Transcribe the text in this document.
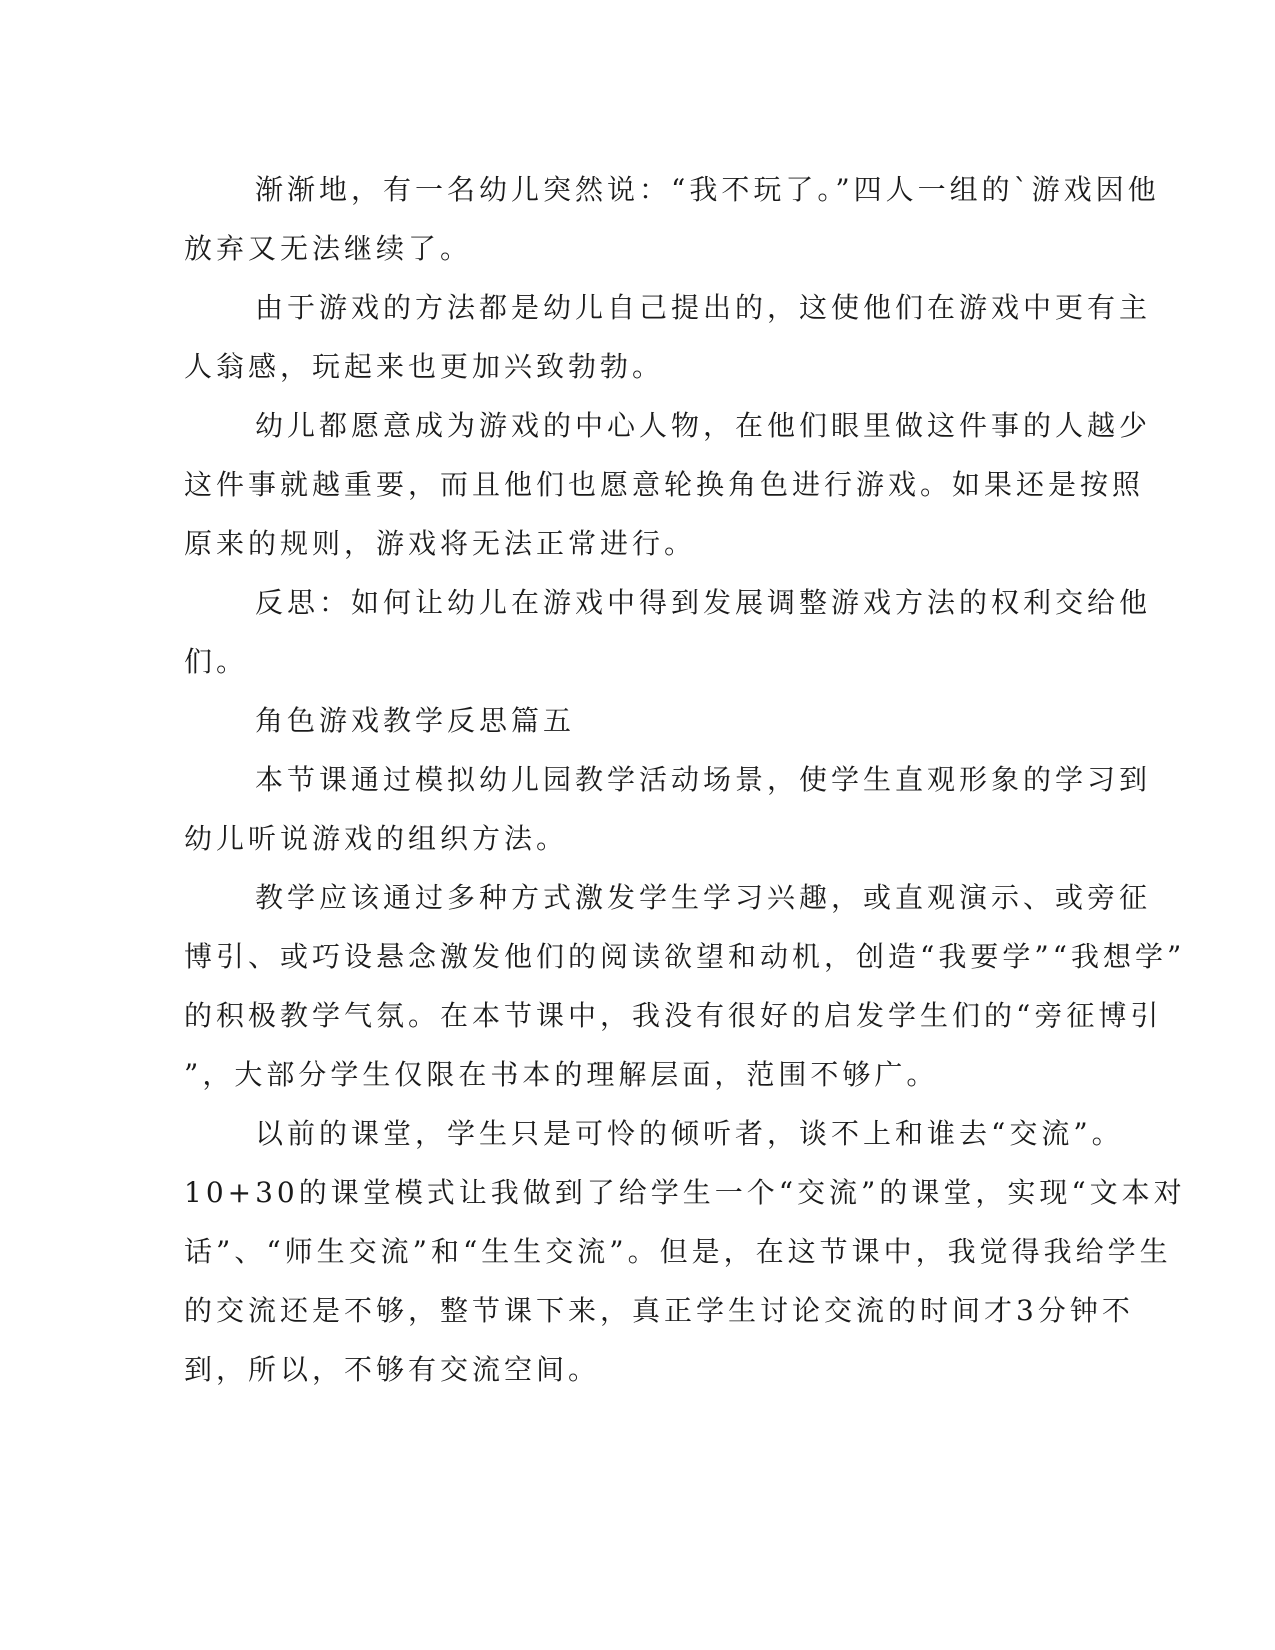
渐渐地，有一名幼儿突然说：“我不玩了。”四人一组的`游戏因他
放弃又无法继续了。
由于游戏的方法都是幼儿自己提出的，这使他们在游戏中更有主
人翁感，玩起来也更加兴致勃勃。
幼儿都愿意成为游戏的中心人物，在他们眼里做这件事的人越少
这件事就越重要，而且他们也愿意轮换角色进行游戏。如果还是按照
原来的规则，游戏将无法正常进行。
反思：如何让幼儿在游戏中得到发展调整游戏方法的权利交给他
们。
角色游戏教学反思篇五
本节课通过模拟幼儿园教学活动场景，使学生直观形象的学习到
幼儿听说游戏的组织方法。
教学应该通过多种方式激发学生学习兴趣，或直观演示、或旁征
博引、或巧设悬念激发他们的阅读欲望和动机，创造“我要学”“我想学”
的积极教学气氛。在本节课中，我没有很好的启发学生们的“旁征博引
”，大部分学生仅限在书本的理解层面，范围不够广。
以前的课堂，学生只是可怜的倾听者，谈不上和谁去“交流”。
10+30的课堂模式让我做到了给学生一个“交流”的课堂，实现“文本对
话”、“师生交流”和“生生交流”。但是，在这节课中，我觉得我给学生
的交流还是不够，整节课下来，真正学生讨论交流的时间才3分钟不
到，所以，不够有交流空间。
